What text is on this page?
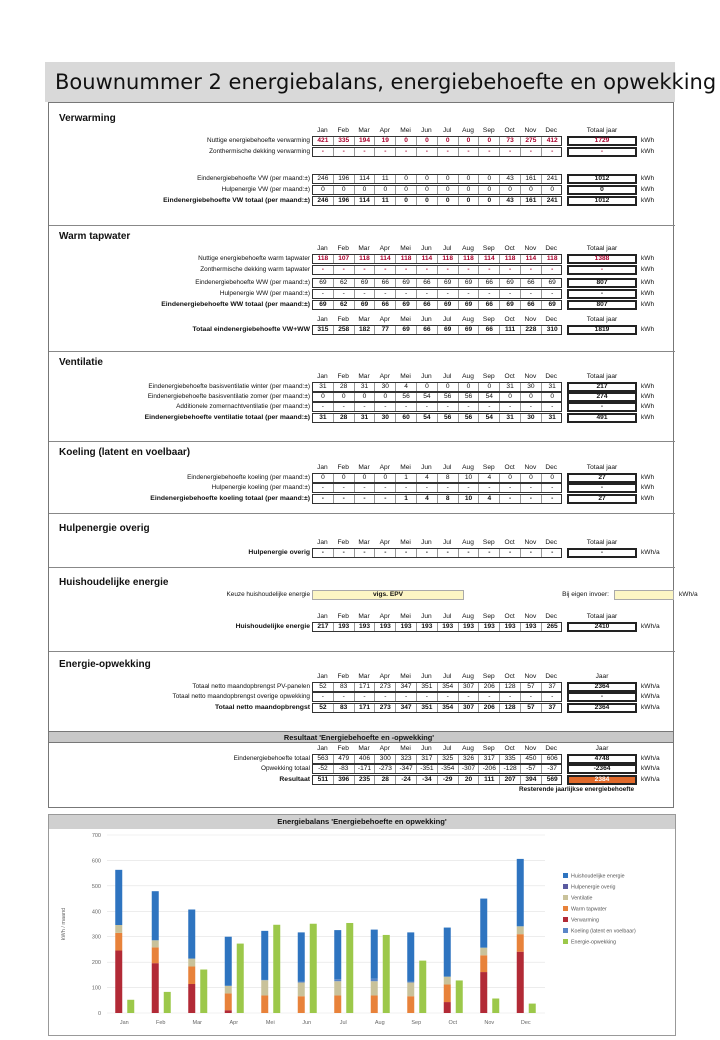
Bouwnummer 2 energiebalans, energiebehoefte en opwekking
Verwarming
Jan	Feb	Mar	Apr	Mei	Jun	Jul	Aug	Sep	Oct	Nov	Dec	Totaal jaar
Nuttige energiebehoefte verwarming	421	335	194	19	0	0	0	0	0	73	275	412	1729	kWh
Zonthermische dekking verwarming	-	-	-	-	-	-	-	-	-	-	-	-	-	kWh
Eindenergiebehoefte VW (per maand:±)	246	196	114	11	0	0	0	0	0	43	161	241	1012	kWh
Hulpenergie VW (per maand:±)	0	0	0	0	0	0	0	0	0	0	0	0	0	kWh
Eindenergiebehoefte VW totaal (per maand:±)	246	196	114	11	0	0	0	0	0	43	161	241	1012	kWh
Warm tapwater
Jan	Feb	Mar	Apr	Mei	Jun	Jul	Aug	Sep	Oct	Nov	Dec	Totaal jaar
Nuttige energiebehoefte warm tapwater	118	107	118	114	118	114	118	118	114	118	114	118	1388	kWh
Zonthermische dekking warm tapwater	-	-	-	-	-	-	-	-	-	-	-	-	-	kWh
Eindenergiebehoefte WW (per maand:±)	69	62	69	66	69	66	69	69	66	69	66	69	807	kWh
Hulpenergie WW (per maand:±)	-	-	-	-	-	-	-	-	-	-	-	-	-	kWh
Eindenergiebehoefte WW totaal (per maand:±)	69	62	69	66	69	66	69	69	66	69	66	69	807	kWh
Jan	Feb	Mar	Apr	Mei	Jun	Jul	Aug	Sep	Oct	Nov	Dec	Totaal jaar
Totaal eindenergiebehoefte VW+WW	315	258	182	77	69	66	69	69	66	111	228	310	1819	kWh
Ventilatie
Jan	Feb	Mar	Apr	Mei	Jun	Jul	Aug	Sep	Oct	Nov	Dec	Totaal jaar
Eindenergiebehoefte basisventilatie winter (per maand:±)	31	28	31	30	4	0	0	0	0	31	30	31	217	kWh
Eindenergiebehoefte basisventilatie zomer (per maand:±)	0	0	0	0	56	54	56	56	54	0	0	0	274	kWh
Additionele zomernachtventilatie (per maand:±)	-	-	-	-	-	-	-	-	-	-	-	-	-	kWh
Eindenergiebehoefte ventilatie totaal (per maand:±)	31	28	31	30	60	54	56	56	54	31	30	31	491	kWh
Koeling (latent en voelbaar)
Jan	Feb	Mar	Apr	Mei	Jun	Jul	Aug	Sep	Oct	Nov	Dec	Totaal jaar
Eindenergiebehoefte koeling (per maand:±)	0	0	0	0	1	4	8	10	4	0	0	0	27	kWh
Hulpenergie koeling (per maand:±)	-	-	-	-	-	-	-	-	-	-	-	-	-	kWh
Eindenergiebehoefte koeling totaal (per maand:±)	-	-	-	-	1	4	8	10	4	-	-	-	27	kWh
Hulpenergie overig
Jan	Feb	Mar	Apr	Mei	Jun	Jul	Aug	Sep	Oct	Nov	Dec	Totaal jaar
Hulpenergie overig	-	-	-	-	-	-	-	-	-	-	-	-	-	kWh/a
Huishoudelijke energie
Keuze huishoudelijke energie	vigs. EPV	Bij eigen invoer:	kWh/a
Jan	Feb	Mar	Apr	Mei	Jun	Jul	Aug	Sep	Oct	Nov	Dec	Totaal jaar
Huishoudelijke energie	217	193	193	193	193	193	193	193	193	193	193	265	2410	kWh/a
Energie-opwekking
Jan	Feb	Mar	Apr	Mei	Jun	Jul	Aug	Sep	Oct	Nov	Dec	Jaar
Totaal netto maandopbrengst PV-panelen	52	83	171	273	347	351	354	307	206	128	57	37	2364	kWh/a
Totaal netto maandopbrengst overige opwekking	-	-	-	-	-	-	-	-	-	-	-	-	-	kWh/a
Totaal netto maandopbrengst	52	83	171	273	347	351	354	307	206	128	57	37	2364	kWh/a
Resultaat 'Energiebehoefte en -opwekking'
Jan	Feb	Mar	Apr	Mei	Jun	Jul	Aug	Sep	Oct	Nov	Dec	Jaar
Eindenergiebehoefte totaal	563	479	406	300	323	317	325	326	317	335	450	606	4748	kWh/a
Opwekking totaal	-52	-83	-171	-273	-347	-351	-354	-307	-206	-128	-57	-37	-2364	kWh/a
Resultaat	511	396	235	28	-24	-34	-29	20	111	207	394	569	2384	kWh/a
Resterende jaarlijkse energiebehoefte
Energiebalans 'Energiebehoefte en opwekking'
0
100
200
300
400
500
600
700
kWh / maand
Jan	Feb	Mar	Apr	Mei	Jun	Jul	Aug	Sep	Oct	Nov	Dec
Huishoudelijke energie
Hulpenergie overig
Ventilatie
Warm tapwater
Verwarming
Koeling (latent en voelbaar)
Energie-opwekking
